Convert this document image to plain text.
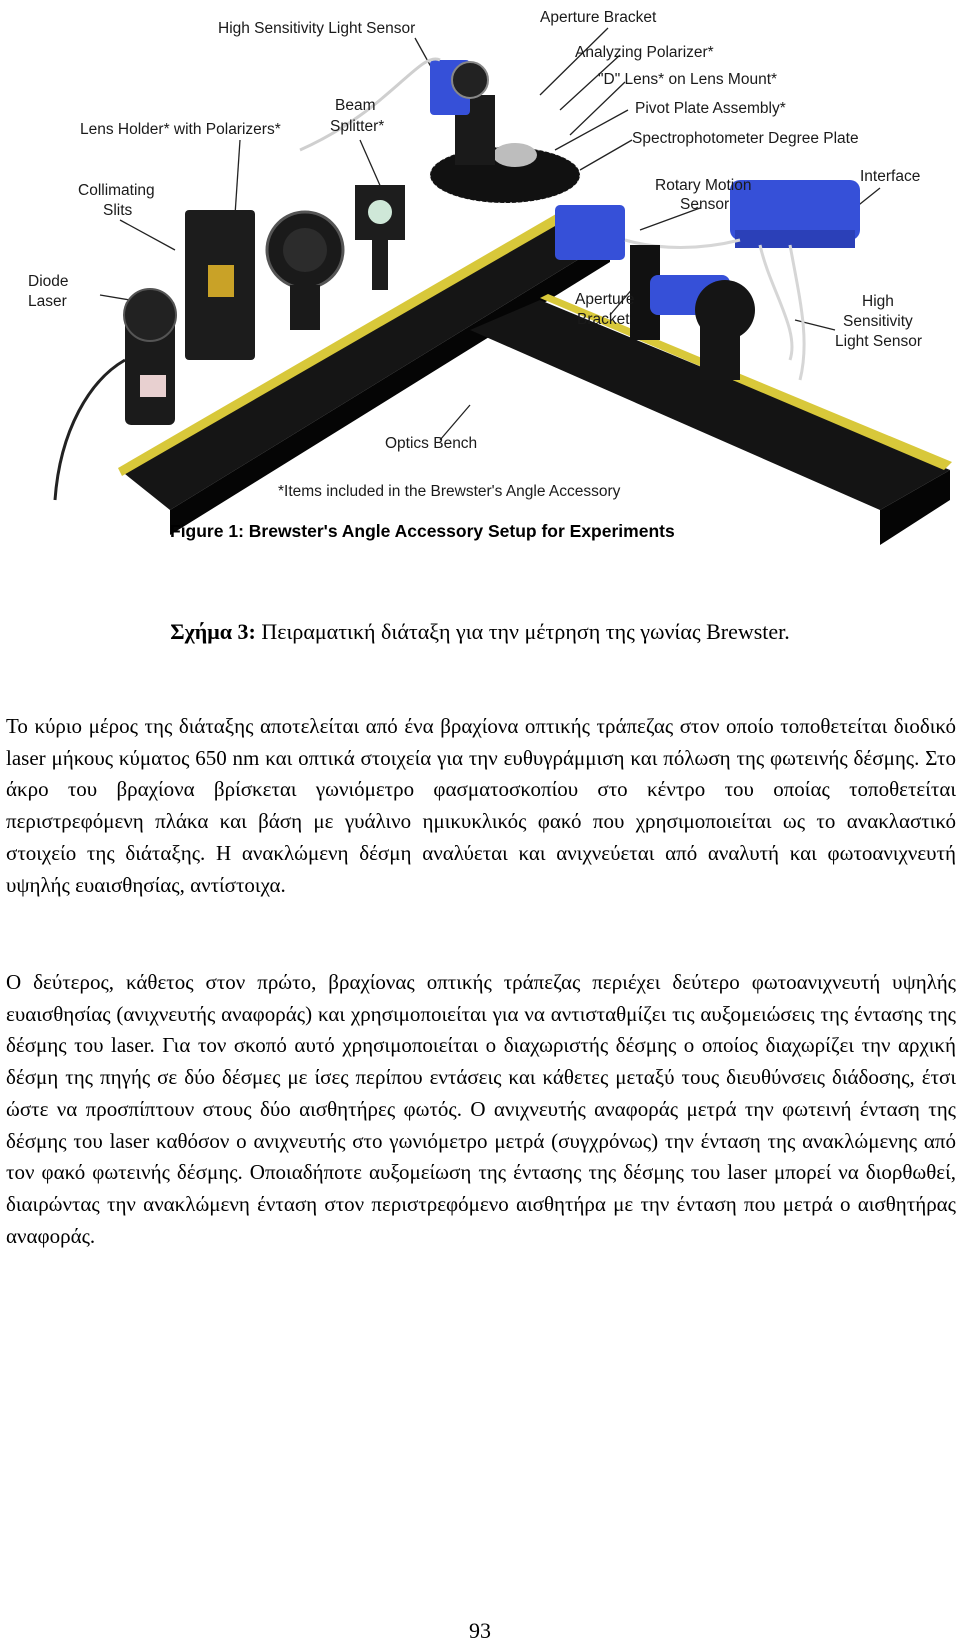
High Sensitivity Light Sensor
Aperture Bracket
Analyzing Polarizer*
"D" Lens* on Lens Mount*
Pivot Plate Assembly*
Spectrophotometer Degree Plate
Interface
Rotary Motion
Sensor
Lens Holder* with Polarizers*
Beam
Splitter*
Collimating
Slits
Diode
Laser	Aperture
Bracket
High
Sensitivity
Light Sensor
Optics Bench
*Items included in the Brewster's Angle Accessory
Figure 1: Brewster's Angle Accessory Setup for Experiments
Σχήμα 3: Πειραματική διάταξη για την μέτρηση της γωνίας Brewster.

Το κύριο μέρος της διάταξης αποτελείται από ένα βραχίονα οπτικής τράπεζας στον οποίο τοποθετείται διοδικό laser μήκους κύματος 650 nm και οπτικά στοιχεία για την ευθυγράμμιση και πόλωση της φωτεινής δέσμης. Στο άκρο του βραχίονα βρίσκεται γωνιόμετρο φασματοσκοπίου στο κέντρο του οποίας τοποθετείται περιστρεφόμενη πλάκα και βάση με γυάλινο ημικυκλικός φακό που χρησιμοποιείται ως το ανακλαστικό στοιχείο της διάταξης. Η ανακλώμενη δέσμη αναλύεται και ανιχνεύεται από αναλυτή και φωτοανιχνευτή υψηλής ευαισθησίας, αντίστοιχα.

Ο δεύτερος, κάθετος στον πρώτο, βραχίονας οπτικής τράπεζας περιέχει δεύτερο φωτοανιχνευτή υψηλής ευαισθησίας (ανιχνευτής αναφοράς) και χρησιμοποιείται για να αντισταθμίζει τις αυξομειώσεις της έντασης της δέσμης του laser. Για τον σκοπό αυτό χρησιμοποιείται ο διαχωριστής δέσμης ο οποίος διαχωρίζει την αρχική δέσμη της πηγής σε δύο δέσμες με ίσες περίπου εντάσεις και κάθετες μεταξύ τους διευθύνσεις διάδοσης, έτσι ώστε να προσπίπτουν στους δύο αισθητήρες φωτός. Ο ανιχνευτής αναφοράς μετρά την φωτεινή ένταση της δέσμης του laser καθόσον ο ανιχνευτής στο γωνιόμετρο μετρά (συγχρόνως) την ένταση της ανακλώμενης από τον φακό φωτεινής δέσμης. Οποιαδήποτε αυξομείωση της έντασης της δέσμης του laser μπορεί να διορθωθεί, διαιρώντας την ανακλώμενη ένταση στον περιστρεφόμενο αισθητήρα με την ένταση που μετρά ο αισθητήρας αναφοράς.

93
